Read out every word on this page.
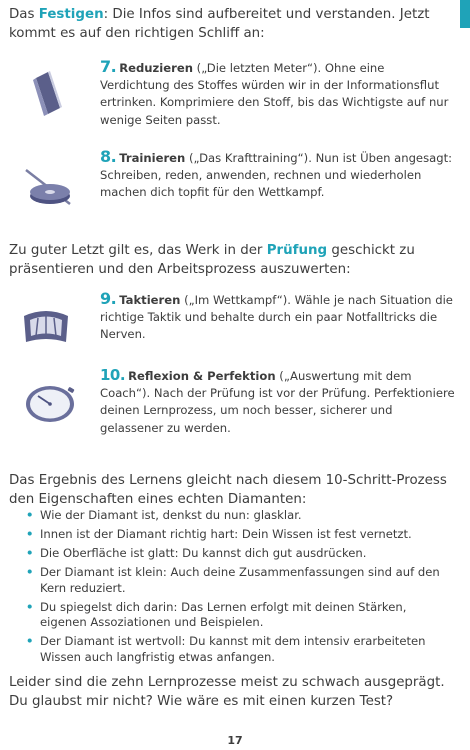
Das Festigen: Die Infos sind aufbereitet und verstanden. Jetzt kommt es auf den richtigen Schliff an:
7. Reduzieren („Die letzten Meter“). Ohne eine Verdichtung des Stoffes würden wir in der Informationsflut ertrinken. Komprimiere den Stoff, bis das Wichtigste auf nur wenige Seiten passt.
8. Trainieren („Das Krafttraining“). Nun ist Üben angesagt: Schreiben, reden, anwenden, rechnen und wiederholen machen dich topfit für den Wettkampf.
Zu guter Letzt gilt es, das Werk in der Prüfung geschickt zu präsentieren und den Arbeitsprozess auszuwerten:
9. Taktieren („Im Wettkampf“). Wähle je nach Situation die richtige Taktik und behalte durch ein paar Notfalltricks die Nerven.
10. Reflexion & Perfektion („Auswertung mit dem Coach“). Nach der Prüfung ist vor der Prüfung. Perfektioniere deinen Lernprozess, um noch besser, sicherer und gelassener zu werden.
Das Ergebnis des Lernens gleicht nach diesem 10-Schritt-Prozess den Eigenschaften eines echten Diamanten:
• Wie der Diamant ist, denkst du nun: glasklar.
• Innen ist der Diamant richtig hart: Dein Wissen ist fest vernetzt.
• Die Oberfläche ist glatt: Du kannst dich gut ausdrücken.
• Der Diamant ist klein: Auch deine Zusammenfassungen sind auf den Kern reduziert.
• Du spiegelst dich darin: Das Lernen erfolgt mit deinen Stärken, eigenen Assoziationen und Beispielen.
• Der Diamant ist wertvoll: Du kannst mit dem intensiv erarbeiteten Wissen auch langfristig etwas anfangen.
Leider sind die zehn Lernprozesse meist zu schwach ausgeprägt. Du glaubst mir nicht? Wie wäre es mit einen kurzen Test?
17
